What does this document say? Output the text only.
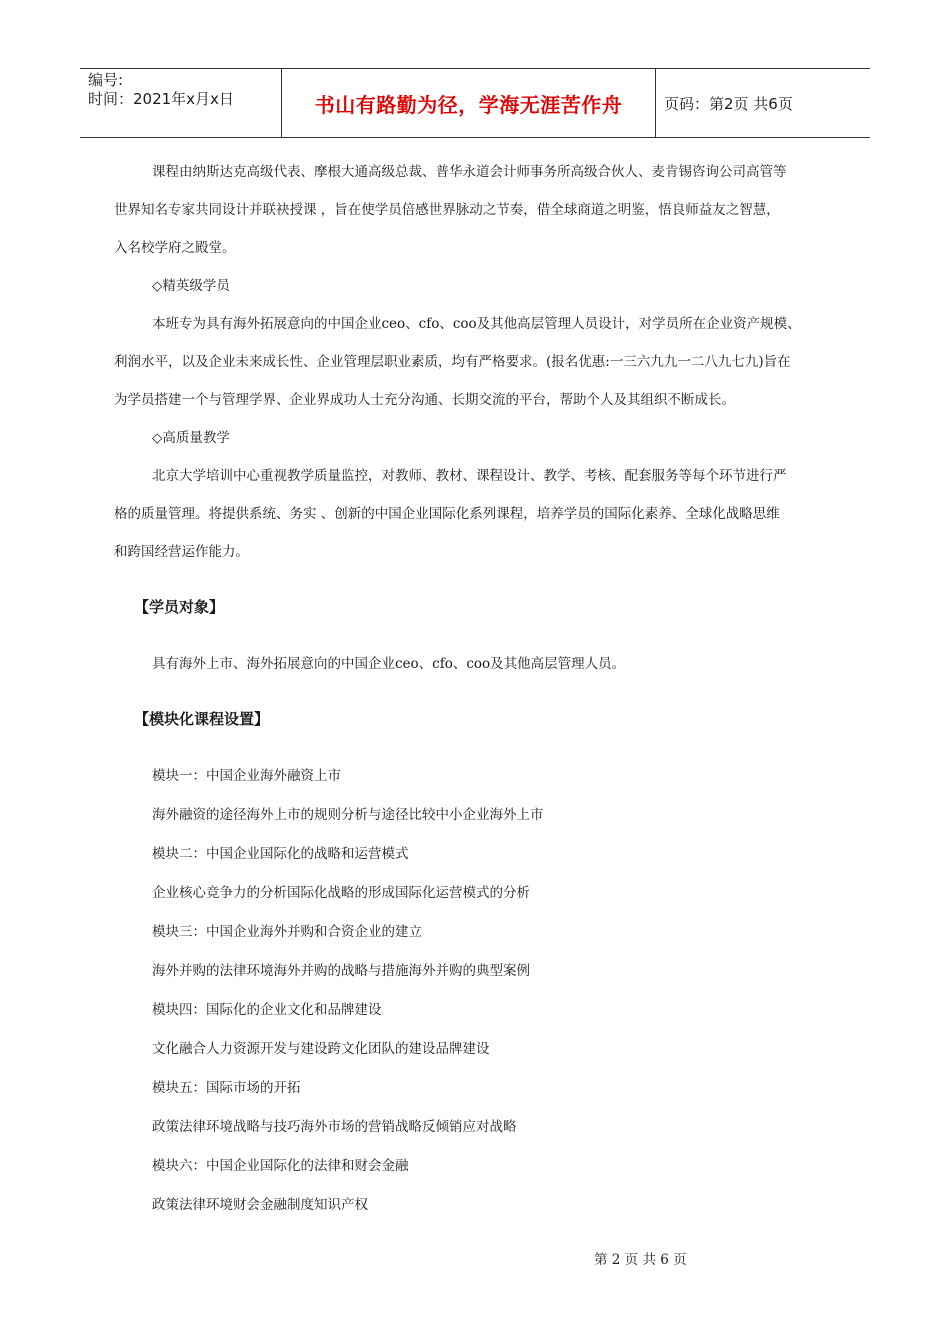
编号:
时间：2021年x月x日	书山有路勤为径，学海无涯苦作舟	页码：第2页 共6页
课程由纳斯达克高级代表、摩根大通高级总裁、普华永道会计师事务所高级合伙人、麦肯锡咨询公司高管等
世界知名专家共同设计并联袂授课 ，旨在使学员倍感世界脉动之节奏，借全球商道之明鉴，悟良师益友之智慧，
入名校学府之殿堂。
◇精英级学员
本班专为具有海外拓展意向的中国企业ceo、cfo、coo及其他高层管理人员设计，对学员所在企业资产规模、
利润水平，以及企业未来成长性、企业管理层职业素质，均有严格要求。(报名优惠:一三六九九一二八九七九)旨在
为学员搭建一个与管理学界、企业界成功人士充分沟通、长期交流的平台，帮助个人及其组织不断成长。
◇高质量教学
北京大学培训中心重视教学质量监控，对教师、教材、课程设计、教学、考核、配套服务等每个环节进行严
格的质量管理。将提供系统、务实 、创新的中国企业国际化系列课程，培养学员的国际化素养、全球化战略思维
和跨国经营运作能力。
【学员对象】
具有海外上市、海外拓展意向的中国企业ceo、cfo、coo及其他高层管理人员。
【模块化课程设置】
模块一：中国企业海外融资上市
海外融资的途径海外上市的规则分析与途径比较中小企业海外上市
模块二：中国企业国际化的战略和运营模式
企业核心竞争力的分析国际化战略的形成国际化运营模式的分析
模块三：中国企业海外并购和合资企业的建立
海外并购的法律环境海外并购的战略与措施海外并购的典型案例
模块四：国际化的企业文化和品牌建设
文化融合人力资源开发与建设跨文化团队的建设品牌建设
模块五：国际市场的开拓
政策法律环境战略与技巧海外市场的营销战略反倾销应对战略
模块六：中国企业国际化的法律和财会金融
政策法律环境财会金融制度知识产权
第 2 页 共 6 页
